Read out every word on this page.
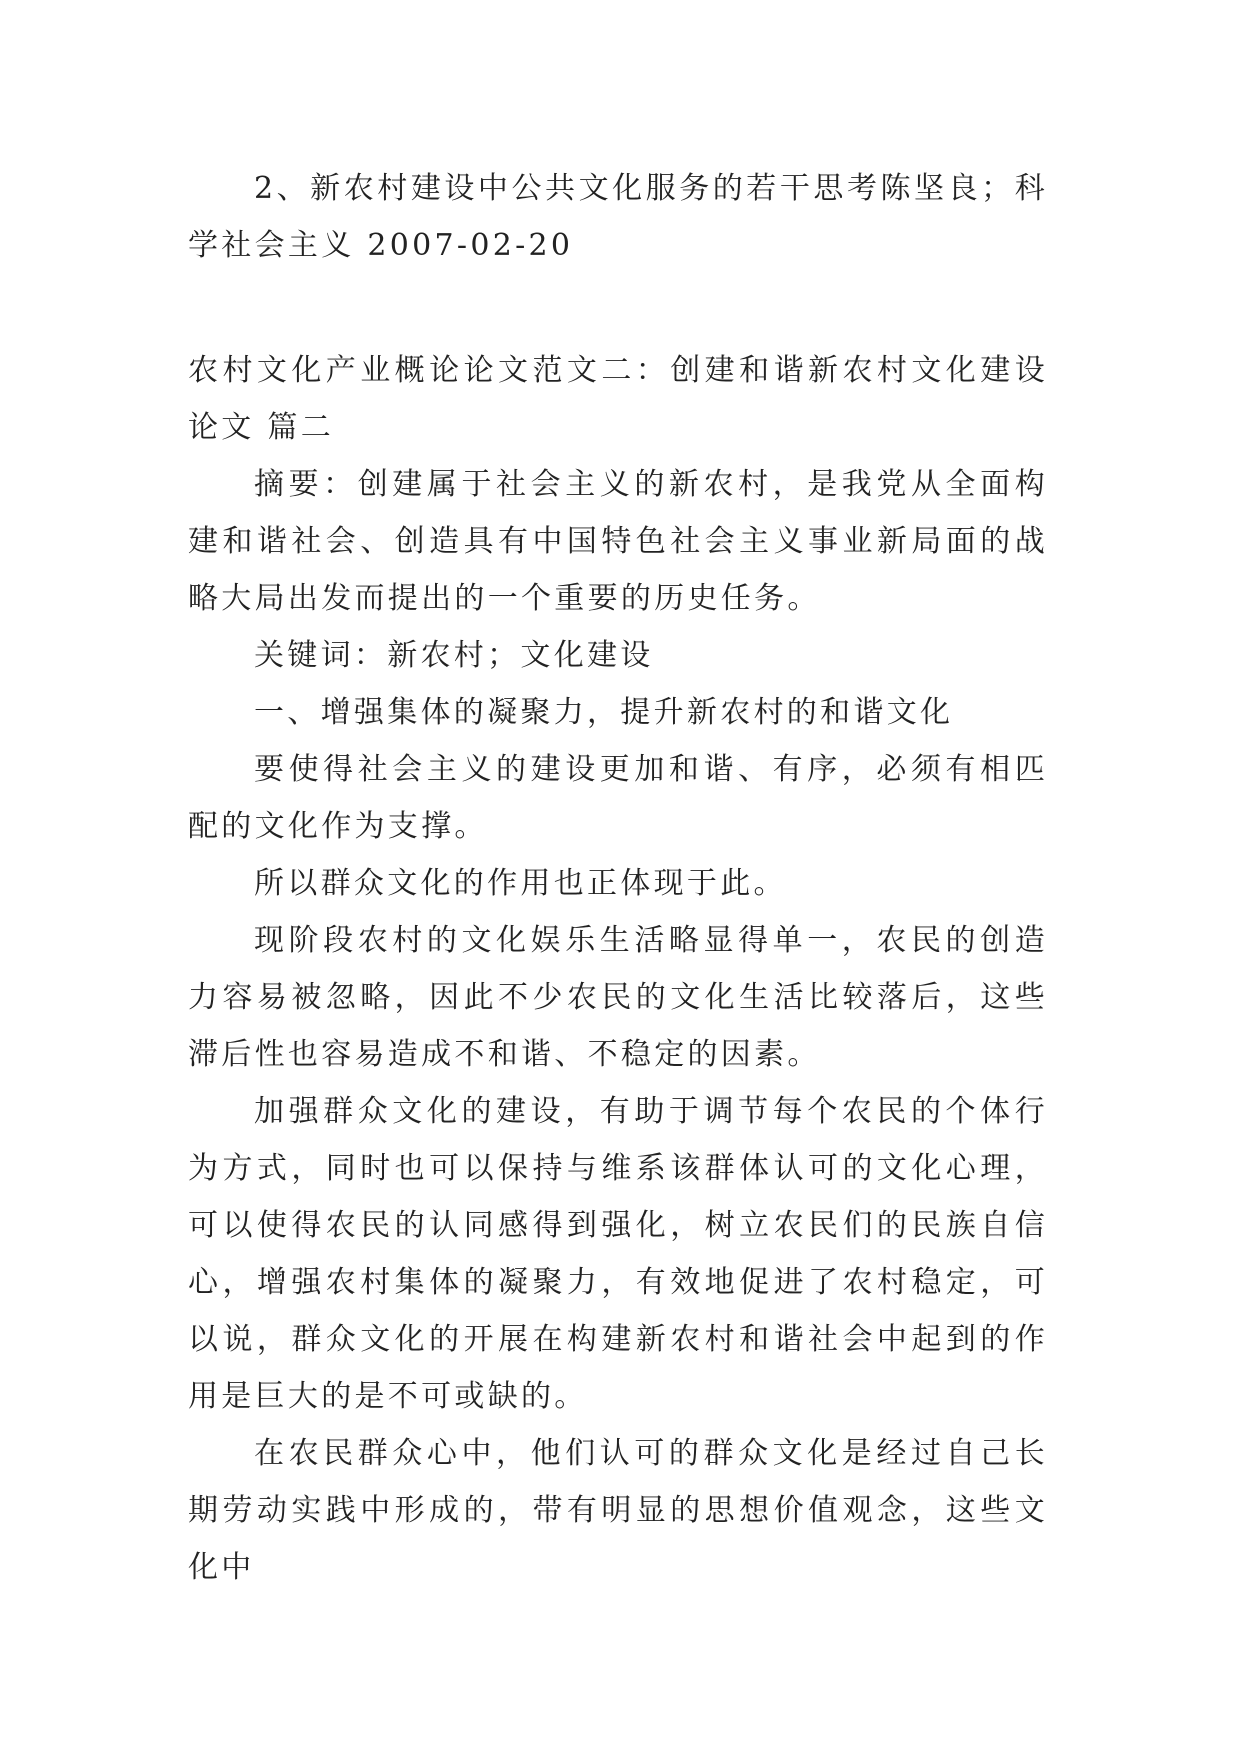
2、新农村建设中公共文化服务的若干思考陈坚良；科学社会主义 2007-02-20

农村文化产业概论论文范文二：创建和谐新农村文化建设论文 篇二

摘要：创建属于社会主义的新农村，是我党从全面构建和谐社会、创造具有中国特色社会主义事业新局面的战略大局出发而提出的一个重要的历史任务。

关键词：新农村；文化建设

一、增强集体的凝聚力，提升新农村的和谐文化

要使得社会主义的建设更加和谐、有序，必须有相匹配的文化作为支撑。

所以群众文化的作用也正体现于此。

现阶段农村的文化娱乐生活略显得单一，农民的创造力容易被忽略，因此不少农民的文化生活比较落后，这些滞后性也容易造成不和谐、不稳定的因素。

加强群众文化的建设，有助于调节每个农民的个体行为方式，同时也可以保持与维系该群体认可的文化心理，可以使得农民的认同感得到强化，树立农民们的民族自信心，增强农村集体的凝聚力，有效地促进了农村稳定，可以说，群众文化的开展在构建新农村和谐社会中起到的作用是巨大的是不可或缺的。

在农民群众心中，他们认可的群众文化是经过自己长期劳动实践中形成的，带有明显的思想价值观念，这些文化中
